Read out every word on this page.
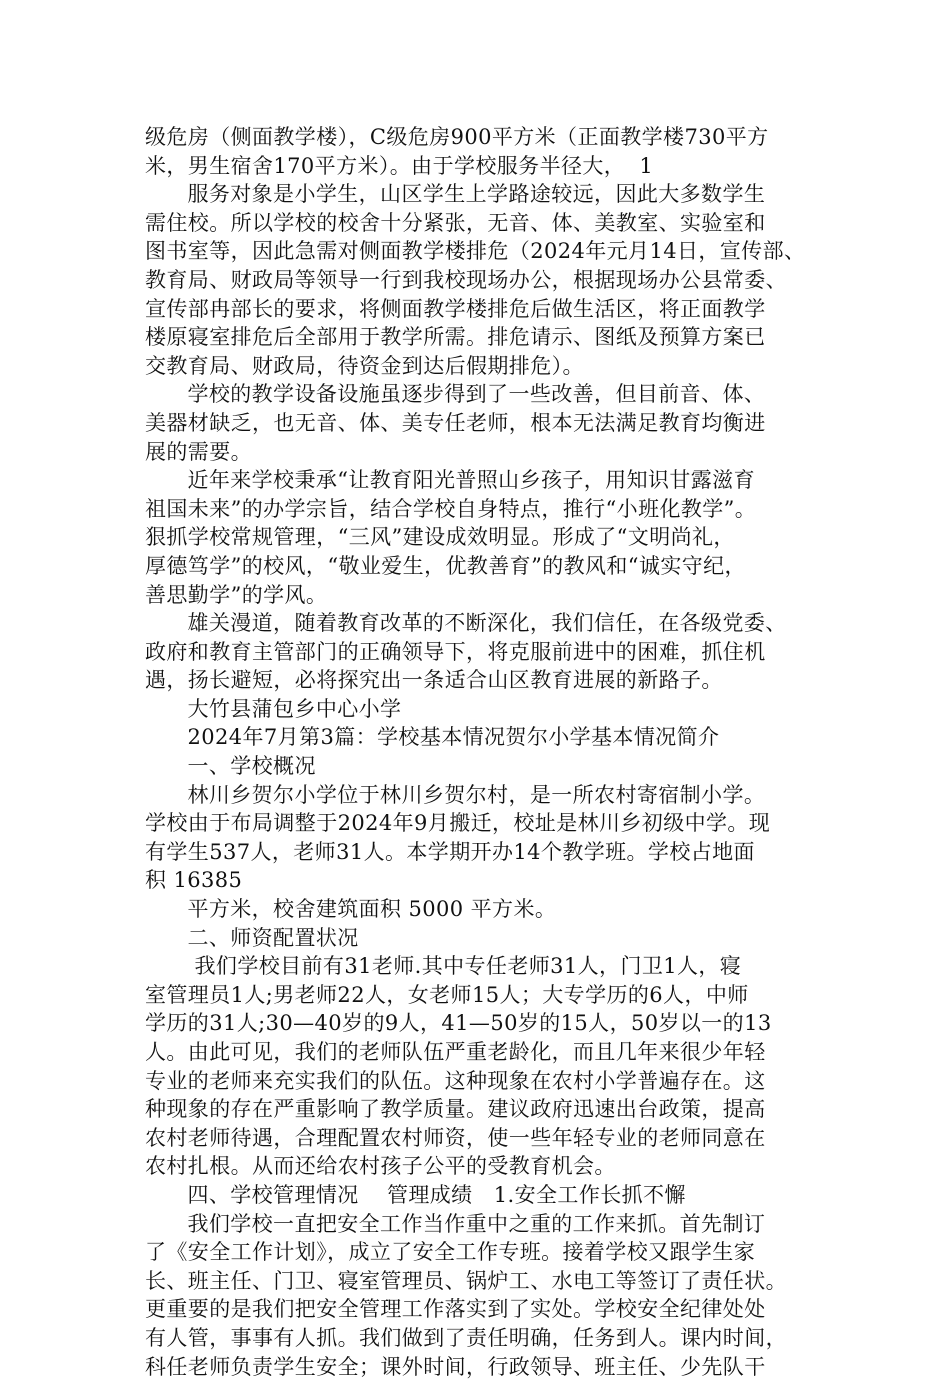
级危房（侧面教学楼），C级危房900平方米（正面教学楼730平方
米，男生宿舍170平方米）。由于学校服务半径大，  1
服务对象是小学生，山区学生上学路途较远，因此大多数学生
需住校。所以学校的校舍十分紧张，无音、体、美教室、实验室和
图书室等，因此急需对侧面教学楼排危（2024年元月14日，宣传部、
教育局、财政局等领导一行到我校现场办公，根据现场办公县常委、
宣传部冉部长的要求，将侧面教学楼排危后做生活区，将正面教学
楼原寝室排危后全部用于教学所需。排危请示、图纸及预算方案已
交教育局、财政局，待资金到达后假期排危）。
学校的教学设备设施虽逐步得到了一些改善，但目前音、体、
美器材缺乏，也无音、体、美专任老师，根本无法满足教育均衡进
展的需要。
近年来学校秉承“让教育阳光普照山乡孩子，用知识甘露滋育
祖国未来”的办学宗旨，结合学校自身特点，推行“小班化教学”。
狠抓学校常规管理，“三风”建设成效明显。形成了“文明尚礼，
厚德笃学”的校风，“敬业爱生，优教善育”的教风和“诚实守纪，
善思勤学”的学风。
雄关漫道，随着教育改革的不断深化，我们信任，在各级党委、
政府和教育主管部门的正确领导下，将克服前进中的困难，抓住机
遇，扬长避短，必将探究出一条适合山区教育进展的新路子。
大竹县蒲包乡中心小学
2024年7月第3篇：学校基本情况贺尔小学基本情况简介
一、学校概况
林川乡贺尔小学位于林川乡贺尔村，是一所农村寄宿制小学。
学校由于布局调整于2024年9月搬迁，校址是林川乡初级中学。现
有学生537人，老师31人。本学期开办14个教学班。学校占地面
积 16385
平方米，校舍建筑面积 5000 平方米。
二、师资配置状况
我们学校目前有31老师.其中专任老师31人，门卫1人，寝
室管理员1人;男老师22人，女老师15人；大专学历的6人，中师
学历的31人;30—40岁的9人，41—50岁的15人，50岁以一的13
人。由此可见，我们的老师队伍严重老龄化，而且几年来很少年轻
专业的老师来充实我们的队伍。这种现象在农村小学普遍存在。这
种现象的存在严重影响了教学质量。建议政府迅速出台政策，提高
农村老师待遇，合理配置农村师资，使一些年轻专业的老师同意在
农村扎根。从而还给农村孩子公平的受教育机会。
四、学校管理情况    管理成绩   1.安全工作长抓不懈
我们学校一直把安全工作当作重中之重的工作来抓。首先制订
了《安全工作计划》，成立了安全工作专班。接着学校又跟学生家
长、班主任、门卫、寝室管理员、锅炉工、水电工等签订了责任状。
更重要的是我们把安全管理工作落实到了实处。学校安全纪律处处
有人管，事事有人抓。我们做到了责任明确，任务到人。课内时间，
科任老师负责学生安全；课外时间，行政领导、班主任、少先队干
